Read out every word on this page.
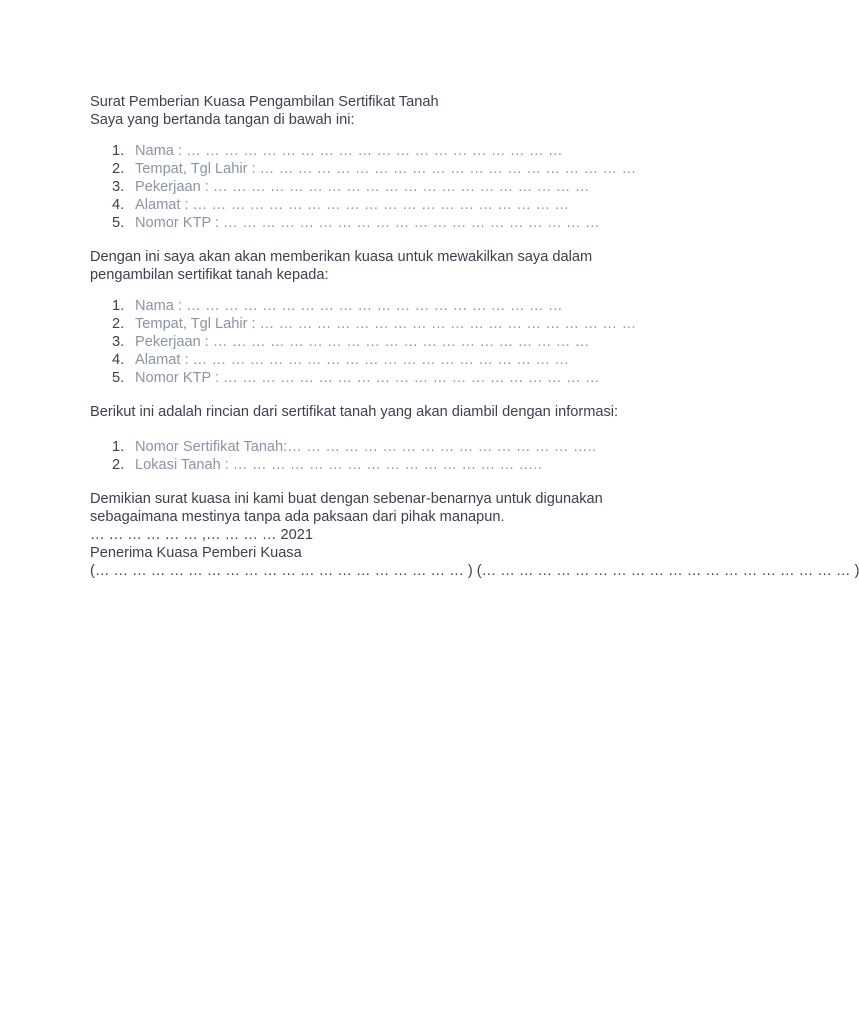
Surat Pemberian Kuasa Pengambilan Sertifikat Tanah
Saya yang bertanda tangan di bawah ini:
1. Nama : … … … … … … … … … … … … … … … … … … … …
2. Tempat, Tgl Lahir : … … … … … … … … … … … … … … … … … … … …
3. Pekerjaan : … … … … … … … … … … … … … … … … … … … …
4. Alamat : … … … … … … … … … … … … … … … … … … … …
5. Nomor KTP : … … … … … … … … … … … … … … … … … … … …
Dengan ini saya akan akan memberikan kuasa untuk mewakilkan saya dalam pengambilan sertifikat tanah kepada:
1. Nama : … … … … … … … … … … … … … … … … … … … …
2. Tempat, Tgl Lahir : … … … … … … … … … … … … … … … … … … … …
3. Pekerjaan : … … … … … … … … … … … … … … … … … … … …
4. Alamat : … … … … … … … … … … … … … … … … … … … …
5. Nomor KTP : … … … … … … … … … … … … … … … … … … … …
Berikut ini adalah rincian dari sertifikat tanah yang akan diambil dengan informasi:
1. Nomor Sertifikat Tanah:… … … … … … … … … … … … … … … …..
2. Lokasi Tanah : … … … … … … … … … … … … … … … …..
Demikian surat kuasa ini kami buat dengan sebenar-benarnya untuk digunakan sebagaimana mestinya tanpa ada paksaan dari pihak manapun.
… … … … … … ,… … … … 2021
Penerima Kuasa Pemberi Kuasa
(… … … … … … … … … … … … … … … … … … … … ) (… … … … … … … … … … … … … … … … … … … … )
